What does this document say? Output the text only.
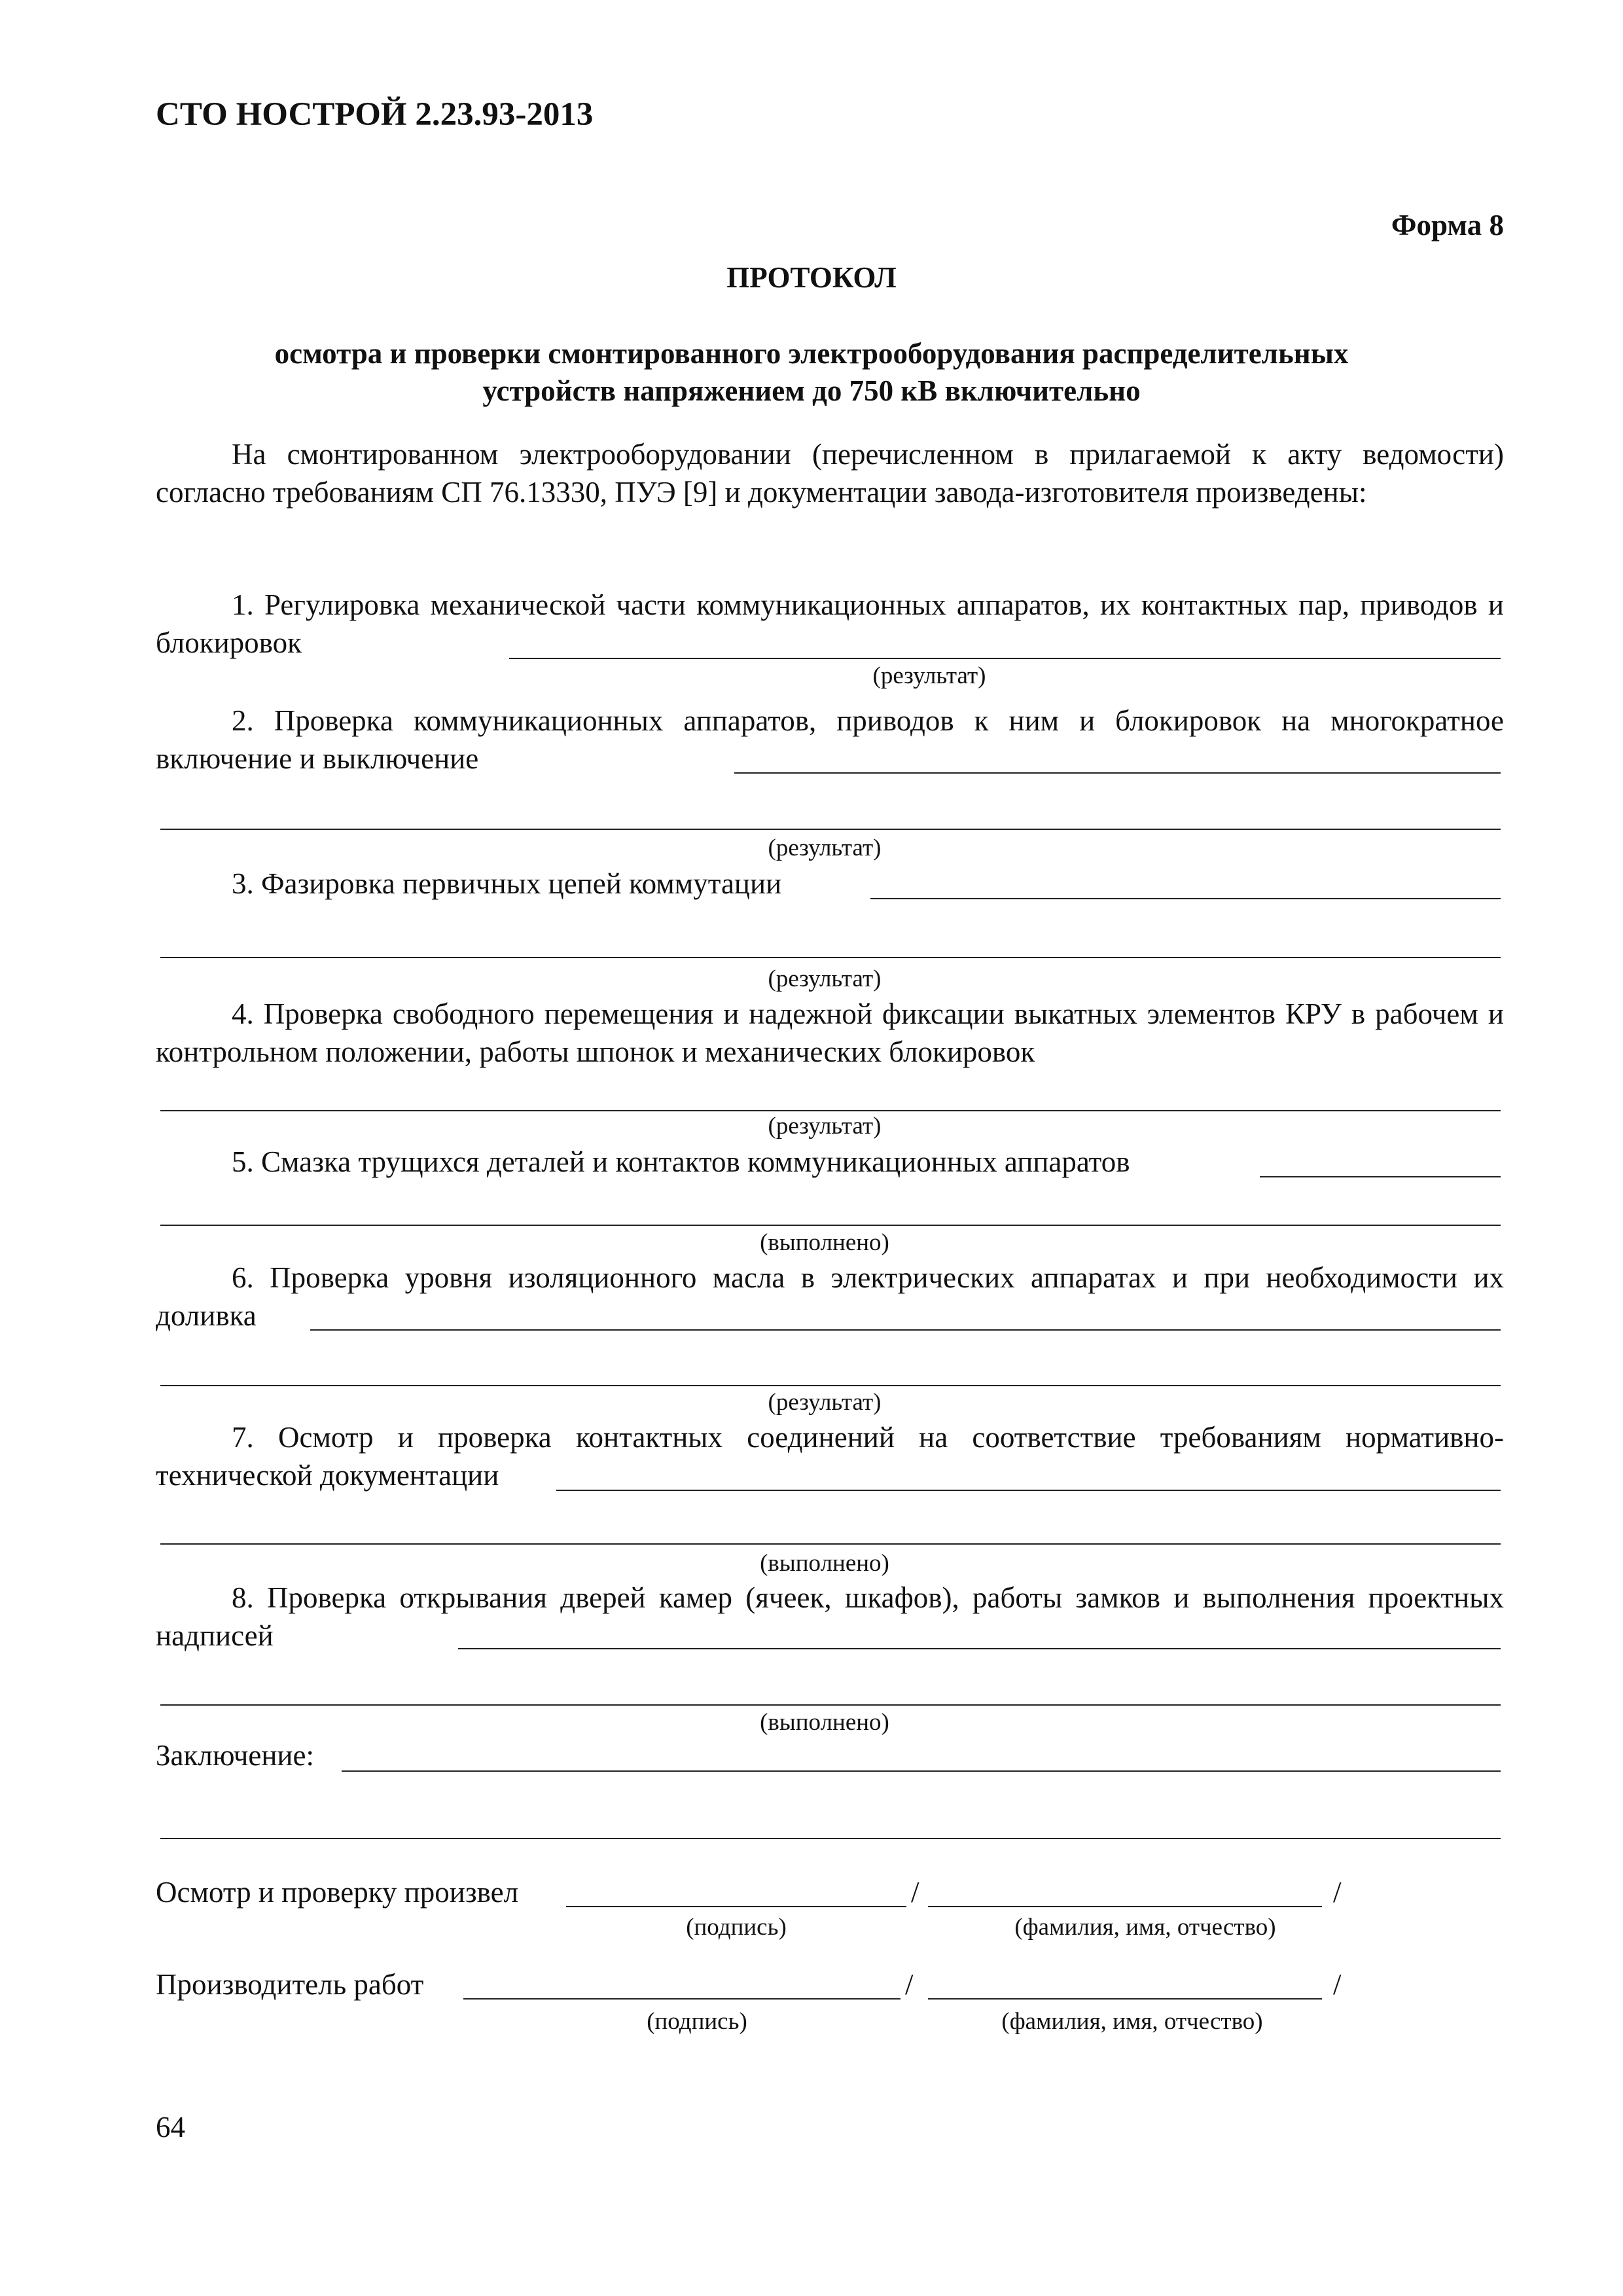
СТО НОСТРОЙ 2.23.93-2013
Форма 8
ПРОТОКОЛ
осмотра и проверки смонтированного электрооборудования распределительных
устройств напряжением до 750 кВ включительно
На смонтированном электрооборудовании (перечисленном в прилагаемой к акту ведомости) согласно требованиям СП 76.13330, ПУЭ [9] и документации завода-изготовителя произведены:
1. Регулировка механической части коммуникационных аппаратов, их контактных пар, приводов и блокировок
(результат)
2. Проверка коммуникационных аппаратов, приводов к ним и блокировок на многократное включение и выключение
(результат)
3. Фазировка первичных цепей коммутации
(результат)
4. Проверка свободного перемещения и надежной фиксации выкатных элементов КРУ в рабочем и контрольном положении, работы шпонок и механических блокировок
(результат)
5. Смазка трущихся деталей и контактов коммуникационных аппаратов
(выполнено)
6. Проверка уровня изоляционного масла в электрических аппаратах и при необходимости их доливка
(результат)
7. Осмотр и проверка контактных соединений на соответствие требованиям нормативно-технической документации
(выполнено)
8. Проверка открывания дверей камер (ячеек, шкафов), работы замков и выполнения проектных надписей
(выполнено)
Заключение:
Осмотр и проверку произвел	/	/
(подпись)	(фамилия, имя, отчество)
Производитель работ	/	/
(подпись)	(фамилия, имя, отчество)
64
